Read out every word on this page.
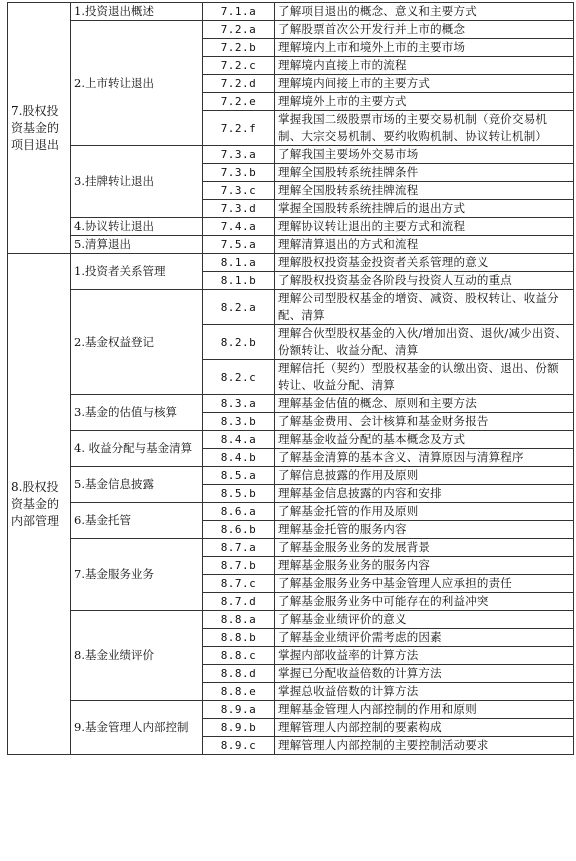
7.股权投资基金的项目退出	1.投资退出概述	7.1.a	了解项目退出的概念、意义和主要方式
	2.上市转让退出	7.2.a	了解股票首次公开发行并上市的概念
		7.2.b	理解境内上市和境外上市的主要市场
		7.2.c	理解境内直接上市的流程
		7.2.d	理解境内间接上市的主要方式
		7.2.e	理解境外上市的主要方式
		7.2.f	掌握我国二级股票市场的主要交易机制（竞价交易机制、大宗交易机制、要约收购机制、协议转让机制）
	3.挂牌转让退出	7.3.a	了解我国主要场外交易市场
		7.3.b	理解全国股转系统挂牌条件
		7.3.c	理解全国股转系统挂牌流程
		7.3.d	掌握全国股转系统挂牌后的退出方式
	4.协议转让退出	7.4.a	理解协议转让退出的主要方式和流程
	5.清算退出	7.5.a	理解清算退出的方式和流程
8.股权投资基金的内部管理	1.投资者关系管理	8.1.a	理解股权投资基金投资者关系管理的意义
		8.1.b	了解股权投资基金各阶段与投资人互动的重点
	2.基金权益登记	8.2.a	理解公司型股权基金的增资、减资、股权转让、收益分配、清算
		8.2.b	理解合伙型股权基金的入伙/增加出资、退伙/减少出资、份额转让、收益分配、清算
		8.2.c	理解信托（契约）型股权基金的认缴出资、退出、份额转让、收益分配、清算
	3.基金的估值与核算	8.3.a	理解基金估值的概念、原则和主要方法
		8.3.b	了解基金费用、会计核算和基金财务报告
	4. 收益分配与基金清算	8.4.a	理解基金收益分配的基本概念及方式
		8.4.b	了解基金清算的基本含义、清算原因与清算程序
	5.基金信息披露	8.5.a	了解信息披露的作用及原则
		8.5.b	理解基金信息披露的内容和安排
	6.基金托管	8.6.a	了解基金托管的作用及原则
		8.6.b	理解基金托管的服务内容
	7.基金服务业务	8.7.a	了解基金服务业务的发展背景
		8.7.b	理解基金服务业务的服务内容
		8.7.c	了解基金服务业务中基金管理人应承担的责任
		8.7.d	了解基金服务业务中可能存在的利益冲突
	8.基金业绩评价	8.8.a	了解基金业绩评价的意义
		8.8.b	了解基金业绩评价需考虑的因素
		8.8.c	掌握内部收益率的计算方法
		8.8.d	掌握已分配收益倍数的计算方法
		8.8.e	掌握总收益倍数的计算方法
	9.基金管理人内部控制	8.9.a	理解基金管理人内部控制的作用和原则
		8.9.b	理解管理人内部控制的要素构成
		8.9.c	理解管理人内部控制的主要控制活动要求
